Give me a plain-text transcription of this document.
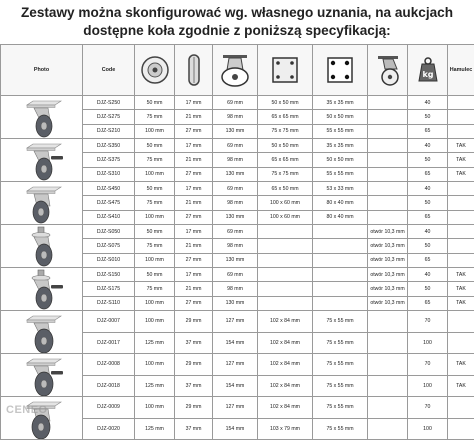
Zestawy można skonfigurować wg. własnego uznania, na aukcjach
dostępne koła zgodnie z poniższą specyfikacją:
Photo	Code							kg	Hamulec

	DJZ-S250	50 mm	17 mm	69 mm	50 x 50 mm	35 x 35 mm		40	
	DJZ-S275	75 mm	21 mm	98 mm	65 x 65 mm	50 x 50 mm		50	
	DJZ-S210	100 mm	27 mm	130 mm	75 x 75 mm	55 x 55 mm		65	

	DJZ-S350	50 mm	17 mm	69 mm	50 x 50 mm	35 x 35 mm		40	TAK
	DJZ-S375	75 mm	21 mm	98 mm	65 x 65 mm	50 x 50 mm		50	TAK
	DJZ-S310	100 mm	27 mm	130 mm	75 x 75 mm	55 x 55 mm		65	TAK

	DJZ-S450	50 mm	17 mm	69 mm	65 x 50 mm	53 x 33 mm		40	
	DJZ-S475	75 mm	21 mm	98 mm	100 x 60 mm	80 x 40 mm		50	
	DJZ-S410	100 mm	27 mm	130 mm	100 x 60 mm	80 x 40 mm		65	

	DJZ-S050	50 mm	17 mm	69 mm			otwór 10,3 mm	40	
	DJZ-S075	75 mm	21 mm	98 mm			otwór 10,3 mm	50	
	DJZ-S010	100 mm	27 mm	130 mm			otwór 10,3 mm	65	

	DJZ-S150	50 mm	17 mm	69 mm			otwór 10,3 mm	40	TAK
	DJZ-S175	75 mm	21 mm	98 mm			otwór 10,3 mm	50	TAK
	DJZ-S110	100 mm	27 mm	130 mm			otwór 10,3 mm	65	TAK

	DJZ-0007	100 mm	29 mm	127 mm	102 x 84 mm	75 x 55 mm		70	
	DJZ-0017	125 mm	37 mm	154 mm	102 x 84 mm	75 x 55 mm		100	

	DJZ-0008	100 mm	29 mm	127 mm	102 x 84 mm	75 x 55 mm		70	TAK
	DJZ-0018	125 mm	37 mm	154 mm	102 x 84 mm	75 x 55 mm		100	TAK

	DJZ-0009	100 mm	29 mm	127 mm	102 x 84 mm	75 x 55 mm		70	
	DJZ-0020	125 mm	37 mm	154 mm	103 x 79 mm	75 x 55 mm		100	
CENEO
